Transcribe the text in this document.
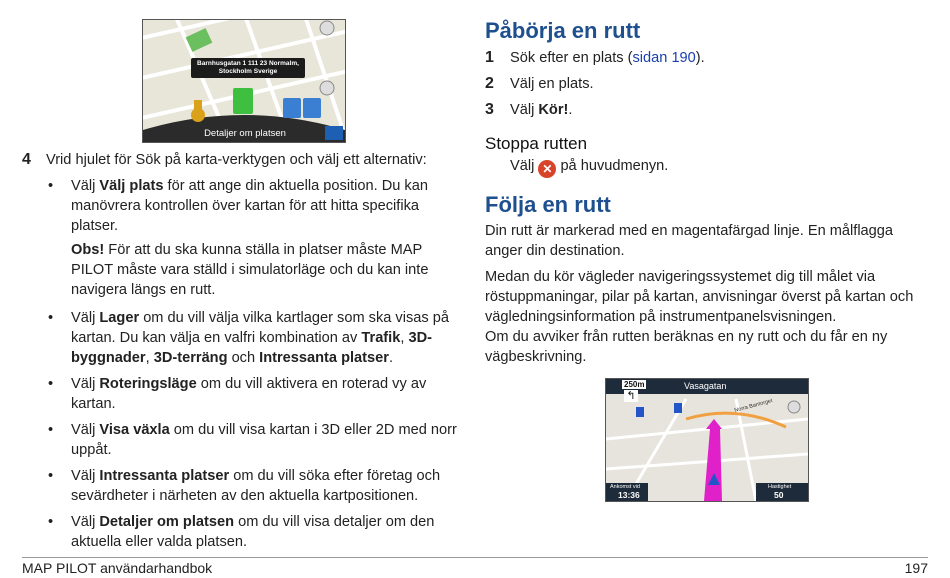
Barnhusgatan 1 111 23 Normalm, Stockholm Sverige
Detaljer om platsen
4 Vrid hjulet för Sök på karta-verktygen och välj ett alternativ:
• Välj Välj plats för att ange din aktuella position. Du kan manövrera kontrollen över kartan för att hitta specifika platser.
Obs! För att du ska kunna ställa in platser måste MAP PILOT måste vara ställd i simulatorläge och du kan inte navigera längs en rutt.
• Välj Lager om du vill välja vilka kartlager som ska visas på kartan. Du kan välja en valfri kombination av Trafik, 3D-byggnader, 3D-terräng och Intressanta platser.
• Välj Roteringsläge om du vill aktivera en roterad vy av kartan.
• Välj Visa växla om du vill visa kartan i 3D eller 2D med norr uppåt.
• Välj Intressanta platser om du vill söka efter företag och sevärdheter i närheten av den aktuella kartpositionen.
• Välj Detaljer om platsen om du vill visa detaljer om den aktuella eller valda platsen.
Påbörja en rutt
1 Sök efter en plats (sidan 190).
2 Välj en plats.
3 Välj Kör!.
Stoppa rutten
Välj ✕ på huvudmenyn.
Följa en rutt

Din rutt är markerad med en magentafärgad linje. En målflagga anger din destination.

Medan du kör vägleder navigeringssystemet dig till målet via röstuppmaningar, pilar på kartan, anvisningar överst på kartan och vägledningsinformation på instrumentpanelsvisningen.

Om du avviker från rutten beräknas en ny rutt och du får en ny vägbeskrivning.

250m
↰
Vasagatan
Norra Bantorget
Ankomst vid
13:36
Hastighet
50
MAP PILOT användarhandbok	197
